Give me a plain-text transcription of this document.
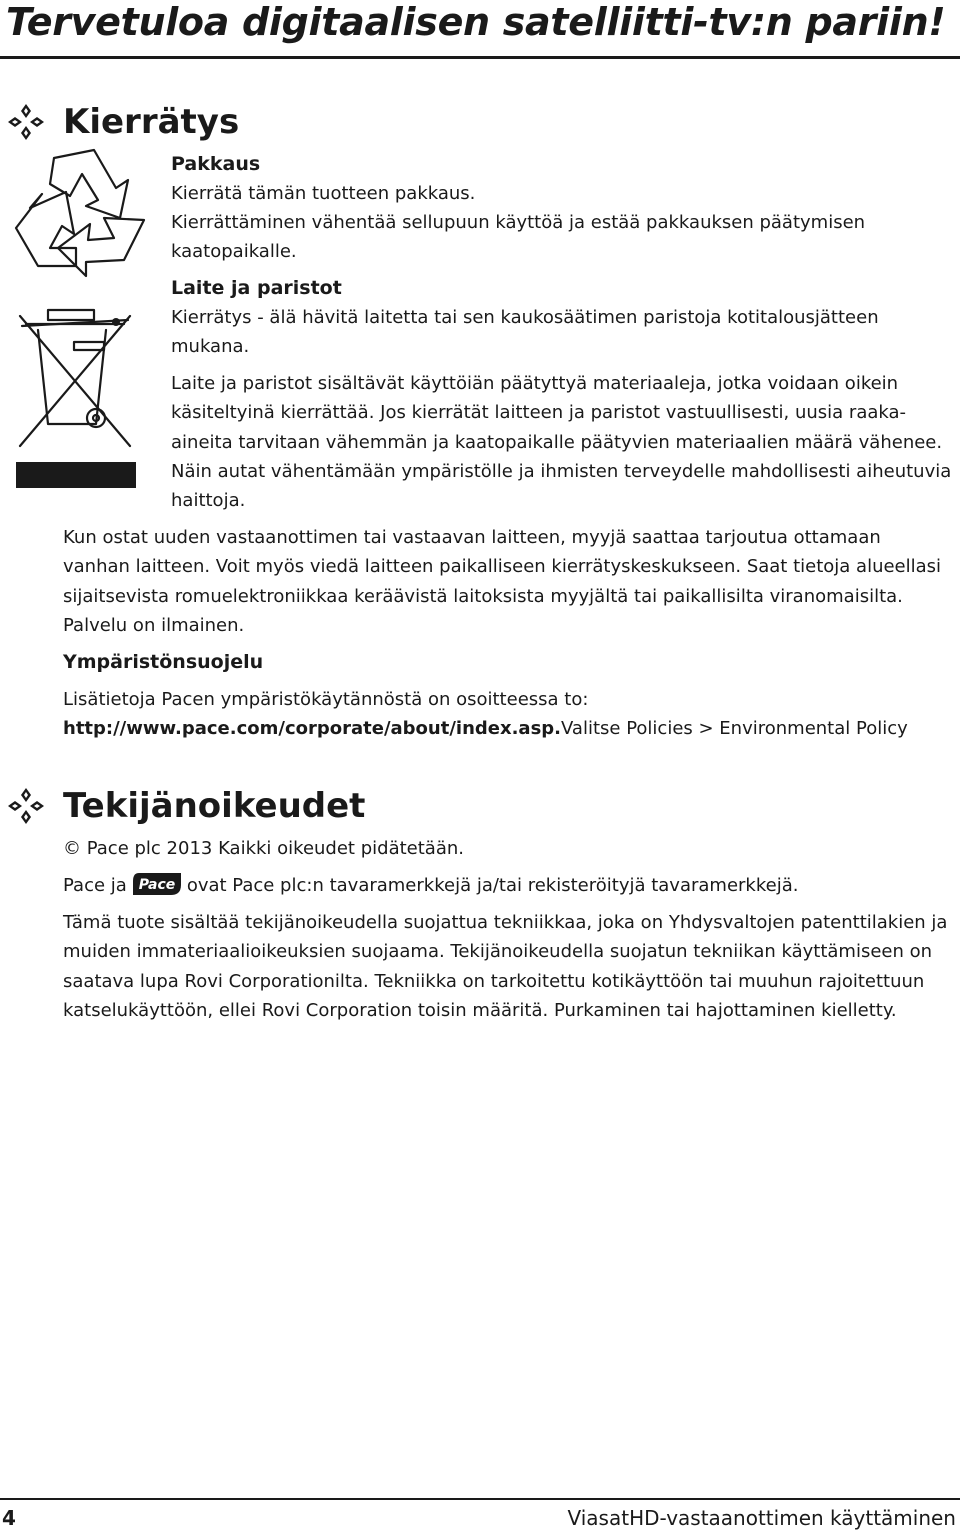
Tervetuloa digitaalisen satelliitti-tv:n pariin!
Kierrätys
Pakkaus

Kierrätä tämän tuotteen pakkaus.

Kierrättäminen vähentää sellupuun käyttöä ja estää pakkauksen päätymisen kaatopaikalle.

Laite ja paristot

Kierrätys - älä hävitä laitetta tai sen kaukosäätimen paristoja kotitalousjätteen mukana.

Laite ja paristot sisältävät käyttöiän päätyttyä materiaaleja, jotka voidaan oikein käsiteltyinä kierrättää. Jos kierrätät laitteen ja paristot vastuullisesti, uusia raaka-aineita tarvitaan vähemmän ja kaatopaikalle päätyvien materiaalien määrä vähenee. Näin autat vähentämään ympäristölle ja ihmisten terveydelle mahdollisesti aiheutuvia haittoja.

Kun ostat uuden vastaanottimen tai vastaavan laitteen, myyjä saattaa tarjoutua ottamaan vanhan laitteen. Voit myös viedä laitteen paikalliseen kierrätyskeskukseen. Saat tietoja alueellasi sijaitsevista romuelektroniikkaa keräävistä laitoksista myyjältä tai paikallisilta viranomaisilta. Palvelu on ilmainen.

Ympäristönsuojelu

Lisätietoja Pacen ympäristökäytännöstä on osoitteessa to:

http://www.pace.com/corporate/about/index.asp.Valitse Policies > Environmental Policy

Tekijänoikeudet

© Pace plc 2013 Kaikki oikeudet pidätetään.

Pace ja Pace ovat Pace plc:n tavaramerkkejä ja/tai rekisteröityjä tavaramerkkejä.

Tämä tuote sisältää tekijänoikeudella suojattua tekniikkaa, joka on Yhdysvaltojen patenttilakien ja muiden immateriaalioikeuksien suojaama. Tekijänoikeudella suojatun tekniikan käyttämiseen on saatava lupa Rovi Corporationilta. Tekniikka on tarkoitettu kotikäyttöön tai muuhun rajoitettuun katselukäyttöön, ellei Rovi Corporation toisin määritä. Purkaminen tai hajottaminen kielletty.

4	ViasatHD-vastaanottimen käyttäminen
